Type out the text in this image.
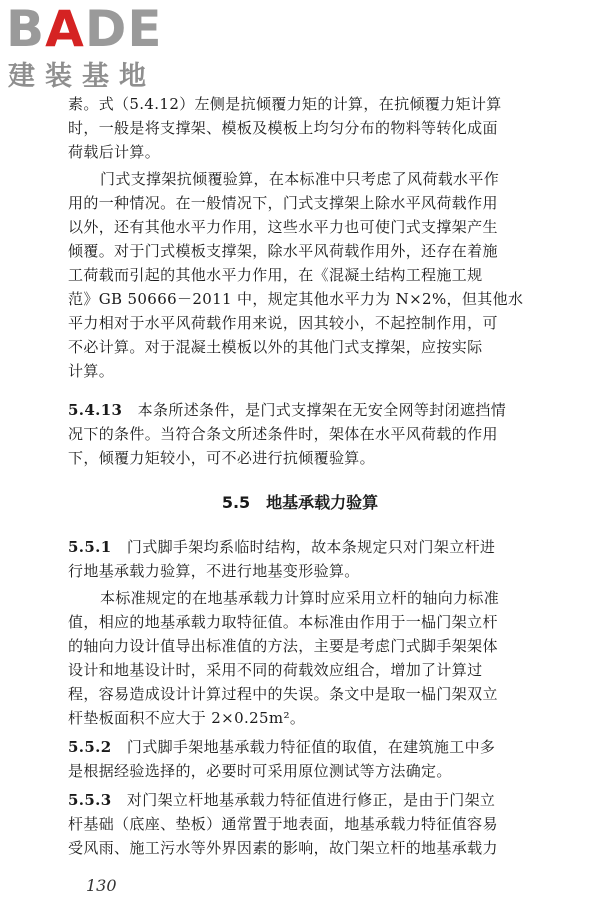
BADE
建装基地
素。式（5.4.12）左侧是抗倾覆力矩的计算，在抗倾覆力矩计算
时，一般是将支撑架、模板及模板上均匀分布的物料等转化成面
荷载后计算。
门式支撑架抗倾覆验算，在本标准中只考虑了风荷载水平作
用的一种情况。在一般情况下，门式支撑架上除水平风荷载作用
以外，还有其他水平力作用，这些水平力也可使门式支撑架产生
倾覆。对于门式模板支撑架，除水平风荷载作用外，还存在着施
工荷载而引起的其他水平力作用，在《混凝土结构工程施工规
范》GB 50666－2011 中，规定其他水平力为 N×2%，但其他水
平力相对于水平风荷载作用来说，因其较小，不起控制作用，可
不必计算。对于混凝土模板以外的其他门式支撑架，应按实际
计算。
5.4.13　 本条所述条件，是门式支撑架在无安全网等封闭遮挡情
况下的条件。当符合条文所述条件时，架体在水平风荷载的作用
下，倾覆力矩较小，可不必进行抗倾覆验算。
5.5　地基承载力验算
5.5.1　 门式脚手架均系临时结构，故本条规定只对门架立杆进
行地基承载力验算，不进行地基变形验算。
本标准规定的在地基承载力计算时应采用立杆的轴向力标准
值，相应的地基承载力取特征值。本标准由作用于一榀门架立杆
的轴向力设计值导出标准值的方法，主要是考虑门式脚手架架体
设计和地基设计时，采用不同的荷载效应组合，增加了计算过
程，容易造成设计计算过程中的失误。条文中是取一榀门架双立
杆垫板面积不应大于 2×0.25m²。
5.5.2　 门式脚手架地基承载力特征值的取值，在建筑施工中多
是根据经验选择的，必要时可采用原位测试等方法确定。
5.5.3　 对门架立杆地基承载力特征值进行修正，是由于门架立
杆基础（底座、垫板）通常置于地表面，地基承载力特征值容易
受风雨、施工污水等外界因素的影响，故门架立杆的地基承载力
130
